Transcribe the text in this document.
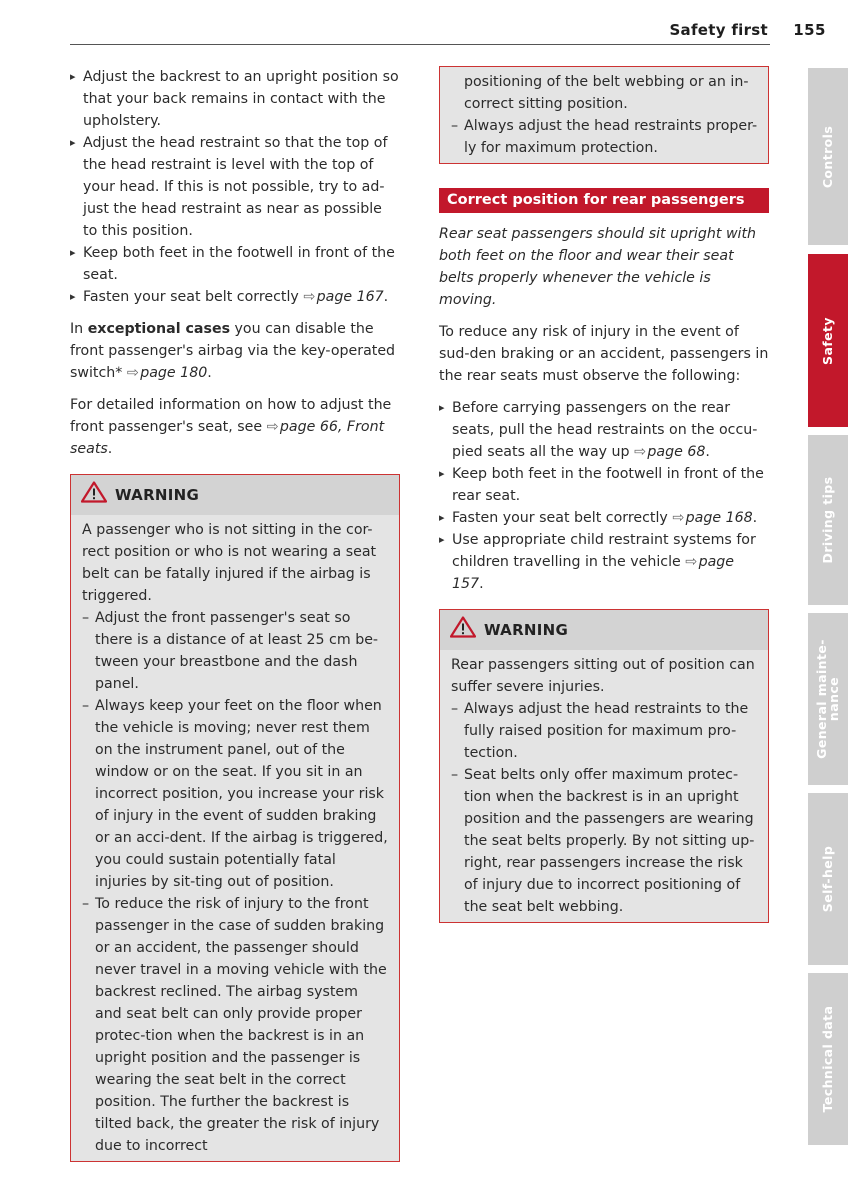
Safety first 155
▸ Adjust the backrest to an upright position so that your back remains in contact with the upholstery.
▸ Adjust the head restraint so that the top of the head restraint is level with the top of your head. If this is not possible, try to ad-just the head restraint as near as possible to this position.
▸ Keep both feet in the footwell in front of the seat.
▸ Fasten your seat belt correctly ⇨ page 167.

In exceptional cases you can disable the front passenger's airbag via the key-operated switch* ⇨ page 180.

For detailed information on how to adjust the front passenger's seat, see ⇨ page 66, Front seats.

WARNING

A passenger who is not sitting in the cor-rect position or who is not wearing a seat belt can be fatally injured if the airbag is triggered.

– Adjust the front passenger's seat so there is a distance of at least 25 cm be-tween your breastbone and the dash panel.
– Always keep your feet on the floor when the vehicle is moving; never rest them on the instrument panel, out of the window or on the seat. If you sit in an incorrect position, you increase your risk of injury in the event of sudden braking or an acci-dent. If the airbag is triggered, you could sustain potentially fatal injuries by sit-ting out of position.
– To reduce the risk of injury to the front passenger in the case of sudden braking or an accident, the passenger should never travel in a moving vehicle with the backrest reclined. The airbag system and seat belt can only provide proper protec-tion when the backrest is in an upright position and the passenger is wearing the seat belt in the correct position. The further the backrest is tilted back, the greater the risk of injury due to incorrect
positioning of the belt webbing or an in-correct sitting position.
– Always adjust the head restraints proper-ly for maximum protection.
Correct position for rear passengers

Rear seat passengers should sit upright with both feet on the floor and wear their seat belts properly whenever the vehicle is moving.

To reduce any risk of injury in the event of sud-den braking or an accident, passengers in the rear seats must observe the following:

▸ Before carrying passengers on the rear seats, pull the head restraints on the occu-pied seats all the way up ⇨ page 68.
▸ Keep both feet in the footwell in front of the rear seat.
▸ Fasten your seat belt correctly ⇨ page 168.
▸ Use appropriate child restraint systems for children travelling in the vehicle ⇨ page 157.
WARNING

Rear passengers sitting out of position can suffer severe injuries.

– Always adjust the head restraints to the fully raised position for maximum pro-tection.
– Seat belts only offer maximum protec-tion when the backrest is in an upright position and the passengers are wearing the seat belts properly. By not sitting up-right, rear passengers increase the risk of injury due to incorrect positioning of the seat belt webbing.
Controls
Safety
Driving tips
General mainte-
nance
Self-help
Technical data
